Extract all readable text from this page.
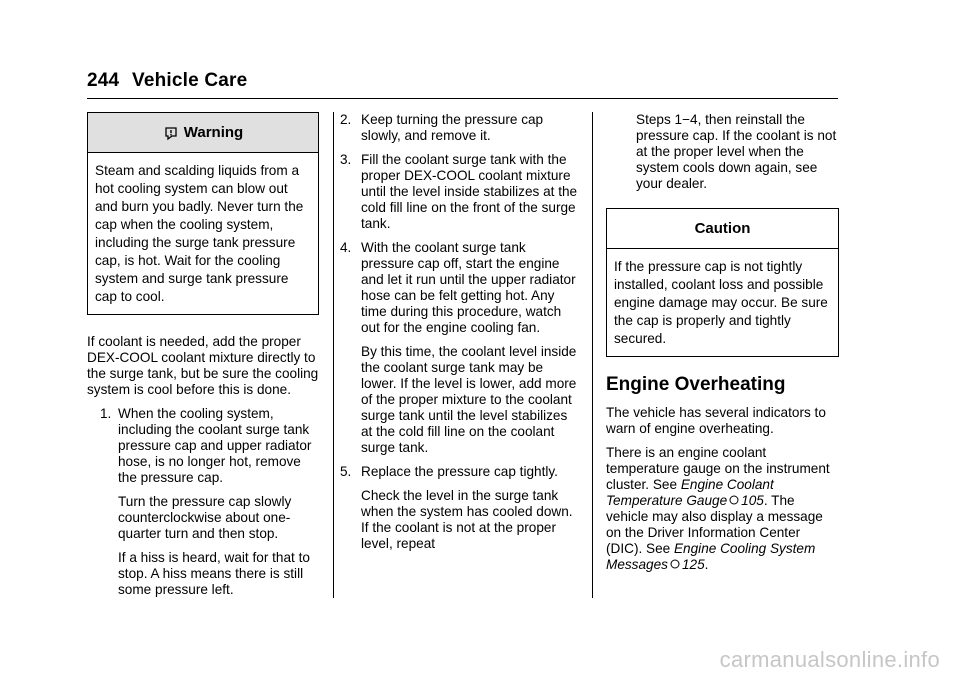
244 Vehicle Care
Warning
Steam and scalding liquids from a hot cooling system can blow out and burn you badly. Never turn the cap when the cooling system, including the surge tank pressure cap, is hot. Wait for the cooling system and surge tank pressure cap to cool.

If coolant is needed, add the proper DEX-COOL coolant mixture directly to the surge tank, but be sure the cooling system is cool before this is done.

1. When the cooling system, including the coolant surge tank pressure cap and upper radiator hose, is no longer hot, remove the pressure cap.

Turn the pressure cap slowly counterclockwise about one-quarter turn and then stop.

If a hiss is heard, wait for that to stop. A hiss means there is still some pressure left.

2. Keep turning the pressure cap slowly, and remove it.
3. Fill the coolant surge tank with the proper DEX-COOL coolant mixture until the level inside stabilizes at the cold fill line on the front of the surge tank.
4. With the coolant surge tank pressure cap off, start the engine and let it run until the upper radiator hose can be felt getting hot. Any time during this procedure, watch out for the engine cooling fan.

By this time, the coolant level inside the coolant surge tank may be lower. If the level is lower, add more of the proper mixture to the coolant surge tank until the level stabilizes at the cold fill line on the coolant surge tank.

5. Replace the pressure cap tightly.

Check the level in the surge tank when the system has cooled down. If the coolant is not at the proper level, repeat

Steps 1−4, then reinstall the pressure cap. If the coolant is not at the proper level when the system cools down again, see your dealer.

Caution
If the pressure cap is not tightly installed, coolant loss and possible engine damage may occur. Be sure the cap is properly and tightly secured.
Engine Overheating

The vehicle has several indicators to warn of engine overheating.

There is an engine coolant temperature gauge on the instrument cluster. See Engine Coolant Temperature Gauge 105. The vehicle may also display a message on the Driver Information Center (DIC). See Engine Cooling System Messages 125.

carmanualsonline.info
